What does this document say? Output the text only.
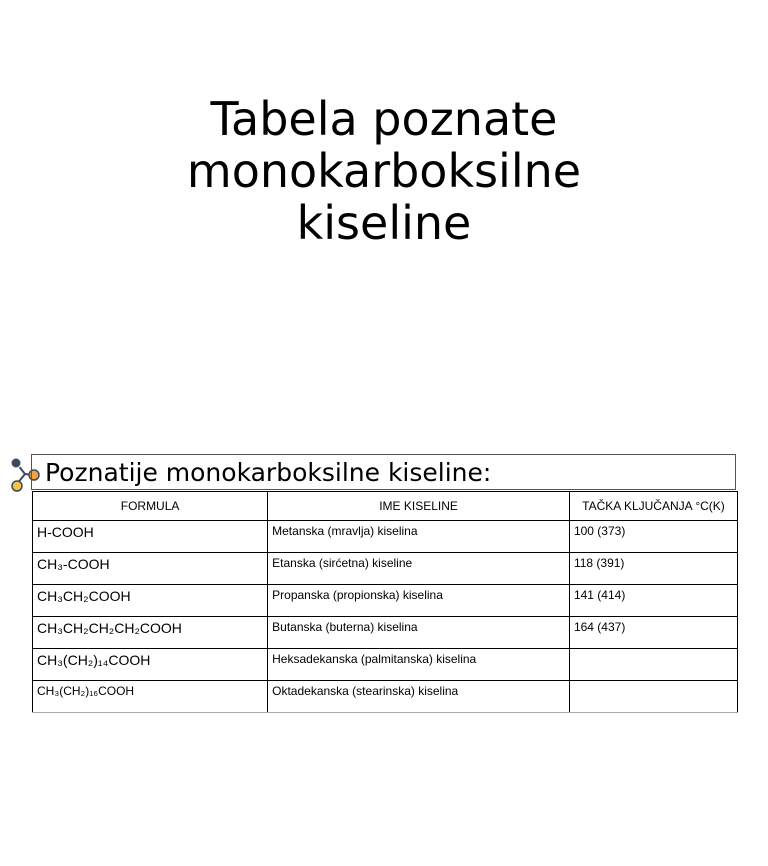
Tabela poznate
monokarboksilne
kiseline
Poznatije monokarboksilne kiseline:
FORMULA	IME KISELINE	TAČKA KLJUČANJA °C(K)
H-COOH	Metanska (mravlja) kiselina	100 (373)
CH₃-COOH	Etanska (sirćetna) kiseline	118 (391)
CH₃CH₂COOH	Propanska (propionska) kiselina	141 (414)
CH₃CH₂CH₂CH₂COOH	Butanska (buterna) kiselina	164 (437)
CH₃(CH₂)₁₄COOH	Heksadekanska (palmitanska) kiselina	
CH₃(CH₂)₁₆COOH	Oktadekanska (stearinska) kiselina	
